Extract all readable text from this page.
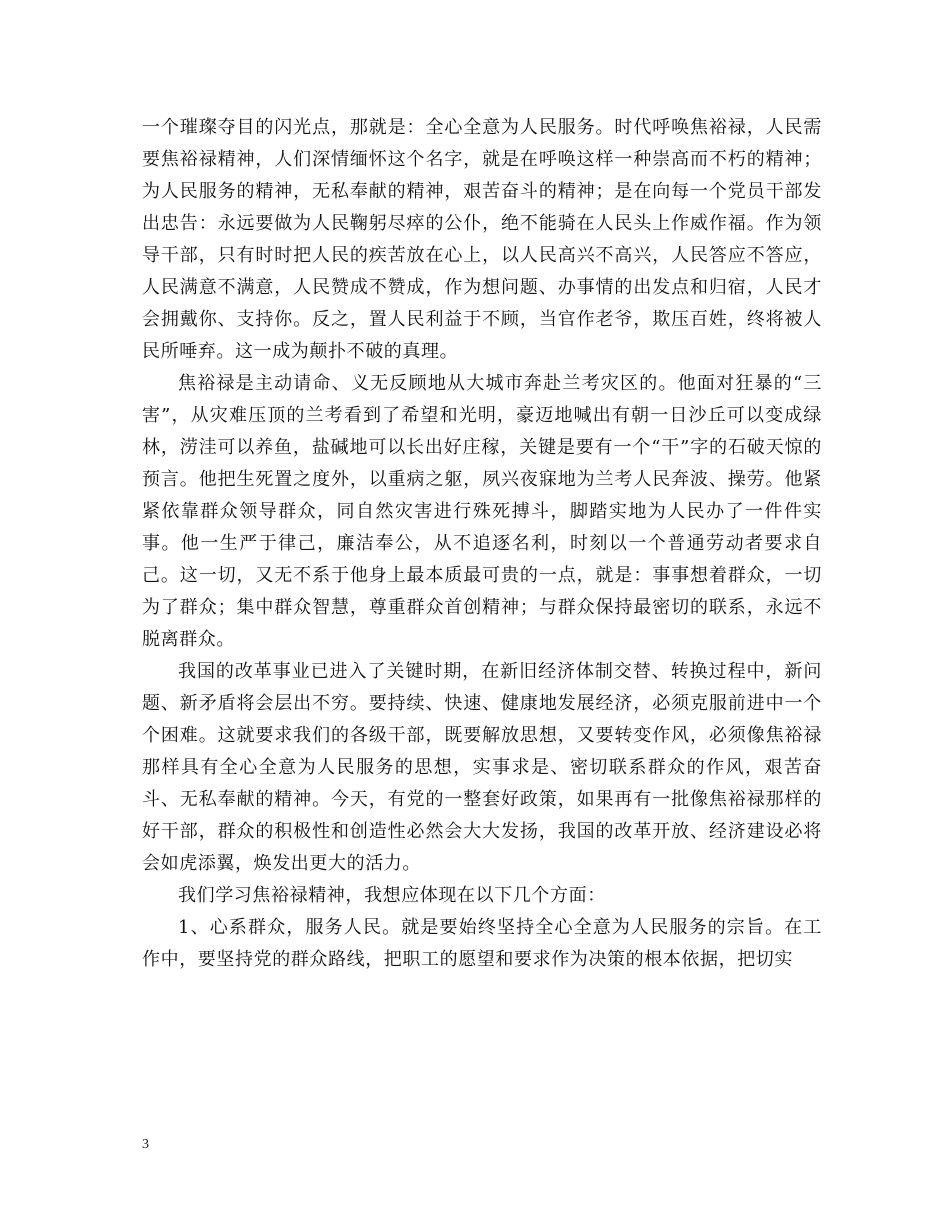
一个璀璨夺目的闪光点，那就是：全心全意为人民服务。时代呼唤焦裕禄，人民需要焦裕禄精神，人们深情缅怀这个名字，就是在呼唤这样一种崇高而不朽的精神；为人民服务的精神，无私奉献的精神，艰苦奋斗的精神；是在向每一个党员干部发出忠告：永远要做为人民鞠躬尽瘁的公仆，绝不能骑在人民头上作威作福。作为领导干部，只有时时把人民的疾苦放在心上，以人民高兴不高兴，人民答应不答应，人民满意不满意，人民赞成不赞成，作为想问题、办事情的出发点和归宿，人民才会拥戴你、支持你。反之，置人民利益于不顾，当官作老爷，欺压百姓，终将被人民所唾弃。这一成为颠扑不破的真理。

焦裕禄是主动请命、义无反顾地从大城市奔赴兰考灾区的。他面对狂暴的“三害”，从灾难压顶的兰考看到了希望和光明，豪迈地喊出有朝一日沙丘可以变成绿林，涝洼可以养鱼，盐碱地可以长出好庄稼，关键是要有一个“干”字的石破天惊的预言。他把生死置之度外，以重病之躯，夙兴夜寐地为兰考人民奔波、操劳。他紧紧依靠群众领导群众，同自然灾害进行殊死搏斗，脚踏实地为人民办了一件件实事。他一生严于律己，廉洁奉公，从不追逐名利，时刻以一个普通劳动者要求自己。这一切，又无不系于他身上最本质最可贵的一点，就是：事事想着群众，一切为了群众；集中群众智慧，尊重群众首创精神；与群众保持最密切的联系，永远不脱离群众。

我国的改革事业已进入了关键时期，在新旧经济体制交替、转换过程中，新问题、新矛盾将会层出不穷。要持续、快速、健康地发展经济，必须克服前进中一个个困难。这就要求我们的各级干部，既要解放思想，又要转变作风，必须像焦裕禄那样具有全心全意为人民服务的思想，实事求是、密切联系群众的作风，艰苦奋斗、无私奉献的精神。今天，有党的一整套好政策，如果再有一批像焦裕禄那样的好干部，群众的积极性和创造性必然会大大发扬，我国的改革开放、经济建设必将会如虎添翼，焕发出更大的活力。

我们学习焦裕禄精神，我想应体现在以下几个方面：

1、心系群众，服务人民。就是要始终坚持全心全意为人民服务的宗旨。在工作中，要坚持党的群众路线，把职工的愿望和要求作为决策的根本依据，把切实

3
